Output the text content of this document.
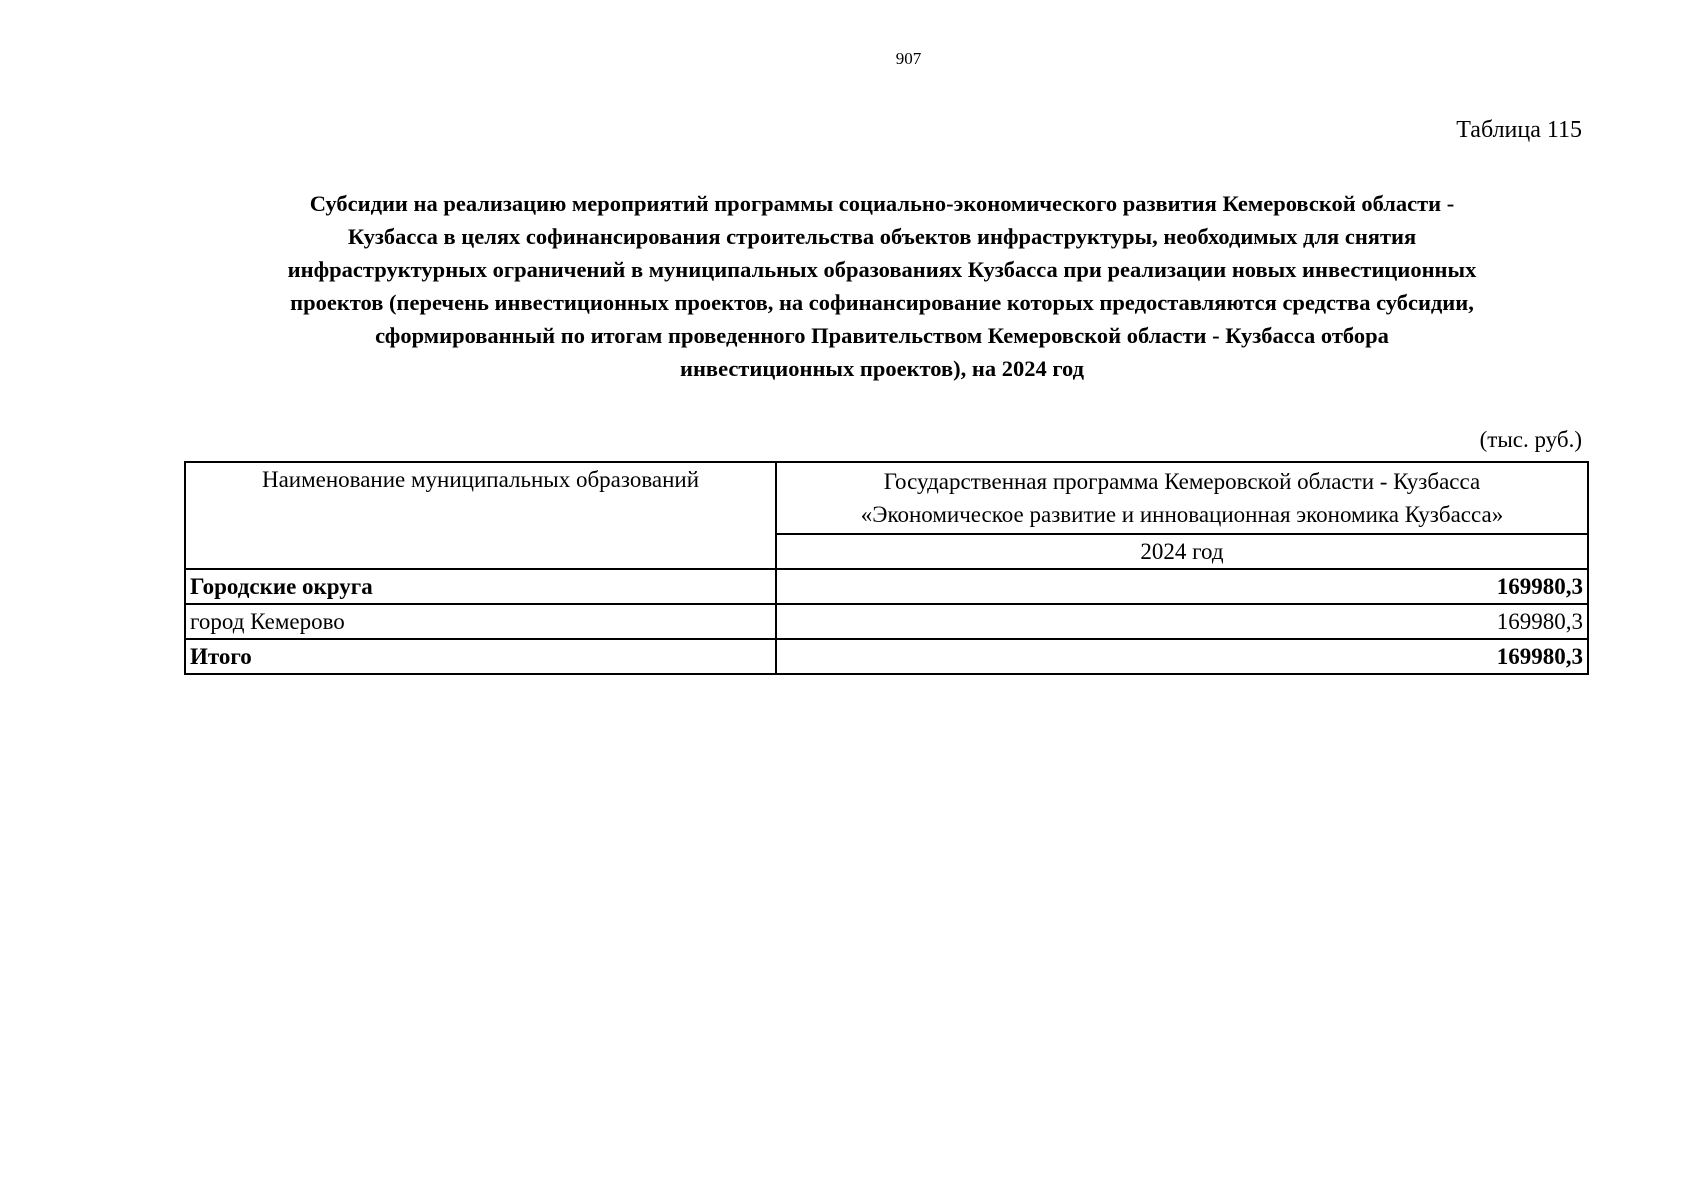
907
Таблица 115
Субсидии на реализацию мероприятий программы социально-экономического развития Кемеровской области -
Кузбасса в целях софинансирования строительства объектов инфраструктуры, необходимых для снятия
инфраструктурных ограничений в муниципальных образованиях Кузбасса при реализации новых инвестиционных
проектов (перечень инвестиционных проектов, на софинансирование которых предоставляются средства субсидии,
сформированный по итогам проведенного Правительством Кемеровской области - Кузбасса отбора
инвестиционных проектов), на 2024 год
(тыс. руб.)
Наименование муниципальных образований	Государственная программа Кемеровской области - Кузбасса
«Экономическое развитие и инновационная экономика Кузбасса»

	2024 год
Городские округа	169980,3
город Кемерово	169980,3
Итого	169980,3
